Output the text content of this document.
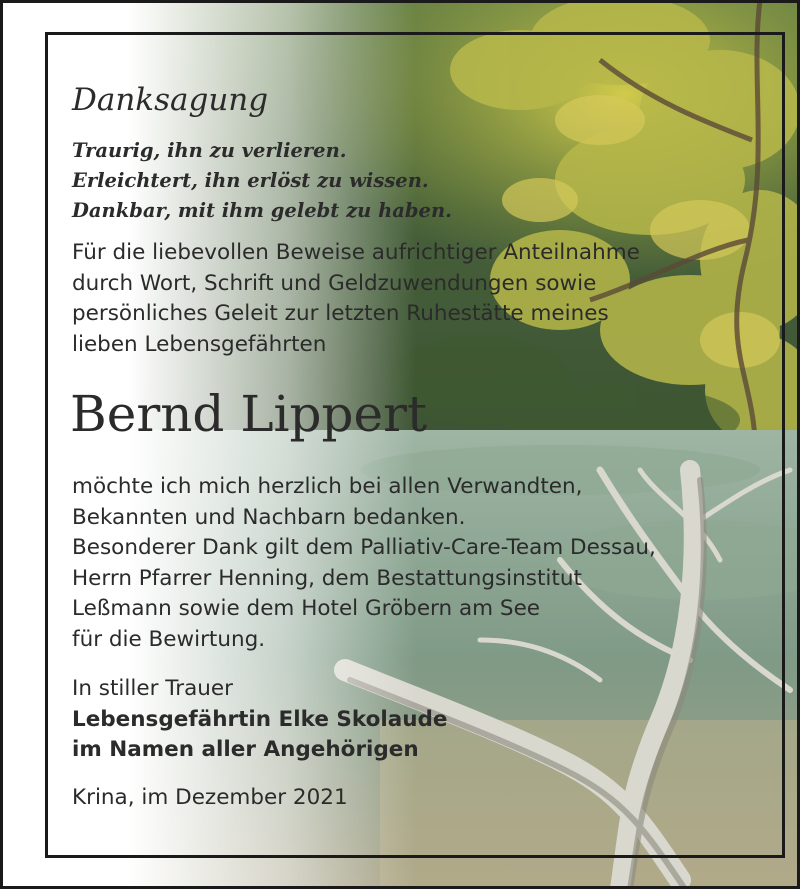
Danksagung
Traurig, ihn zu verlieren.
Erleichtert, ihn erlöst zu wissen.
Dankbar, mit ihm gelebt zu haben.
Für die liebevollen Beweise aufrichtiger Anteilnahme
durch Wort, Schrift und Geldzuwendungen sowie
persönliches Geleit zur letzten Ruhestätte meines
lieben Lebensgefährten
Bernd Lippert
möchte ich mich herzlich bei allen Verwandten,
Bekannten und Nachbarn bedanken.
Besonderer Dank gilt dem Palliativ-Care-Team Dessau,
Herrn Pfarrer Henning, dem Bestattungsinstitut
Leßmann sowie dem Hotel Gröbern am See
für die Bewirtung.
In stiller Trauer
Lebensgefährtin Elke Skolaude
im Namen aller Angehörigen
Krina, im Dezember 2021
